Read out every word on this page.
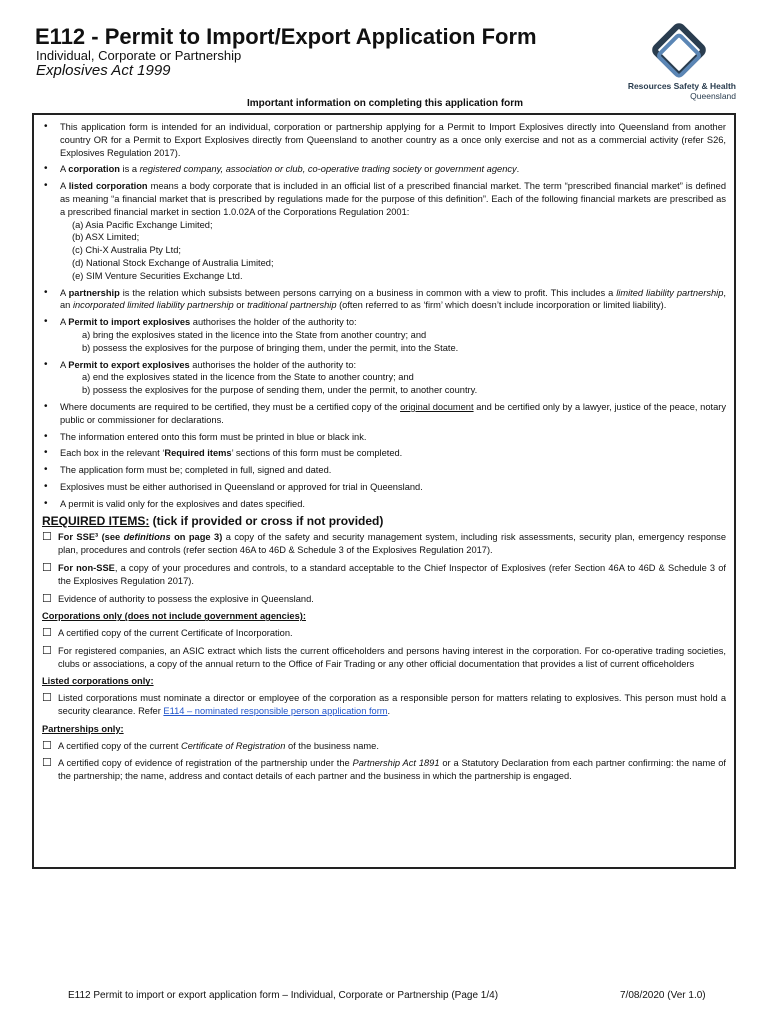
E112 - Permit to Import/Export Application Form
Individual, Corporate or Partnership
Explosives Act 1999
Resources Safety & Health
Queensland
Important information on completing this application form
• This application form is intended for an individual, corporation or partnership applying for a Permit to Import Explosives directly into Queensland from another country OR for a Permit to Export Explosives directly from Queensland to another country as a once only exercise and not as a commercial activity (refer S26, Explosives Regulation 2017).
• A corporation is a registered company, association or club, co-operative trading society or government agency.
• A listed corporation means a body corporate that is included in an official list of a prescribed financial market. The term “prescribed financial market” is defined as meaning “a financial market that is prescribed by regulations made for the purpose of this definition”. Each of the following financial markets are prescribed as a prescribed financial market in section 1.0.02A of the Corporations Regulation 2001:
(a) Asia Pacific Exchange Limited;
(b) ASX Limited;
(c) Chi-X Australia Pty Ltd;
(d) National Stock Exchange of Australia Limited;
(e) SIM Venture Securities Exchange Ltd.
• A partnership is the relation which subsists between persons carrying on a business in common with a view to profit. This includes a limited liability partnership, an incorporated limited liability partnership or traditional partnership (often referred to as ‘firm’ which doesn’t include incorporation or limited liability).
• A Permit to import explosives authorises the holder of the authority to:
a) bring the explosives stated in the licence into the State from another country; and
b) possess the explosives for the purpose of bringing them, under the permit, into the State.
• A Permit to export explosives authorises the holder of the authority to:
a) end the explosives stated in the licence from the State to another country; and
b) possess the explosives for the purpose of sending them, under the permit, to another country.
• Where documents are required to be certified, they must be a certified copy of the original document and be certified only by a lawyer, justice of the peace, notary public or commissioner for declarations.
• The information entered onto this form must be printed in blue or black ink.
• Each box in the relevant ‘Required items’ sections of this form must be completed.
• The application form must be; completed in full, signed and dated.
• Explosives must be either authorised in Queensland or approved for trial in Queensland.
• A permit is valid only for the explosives and dates specified.
REQUIRED ITEMS: (tick if provided or cross if not provided)
☐ For SSE³ (see definitions on page 3) a copy of the safety and security management system, including risk assessments, security plan, emergency response plan, procedures and controls (refer section 46A to 46D & Schedule 3 of the Explosives Regulation 2017).
☐ For non-SSE, a copy of your procedures and controls, to a standard acceptable to the Chief Inspector of Explosives (refer Section 46A to 46D & Schedule 3 of the Explosives Regulation 2017).
☐ Evidence of authority to possess the explosive in Queensland.
Corporations only (does not include government agencies):
☐ A certified copy of the current Certificate of Incorporation.
☐ For registered companies, an ASIC extract which lists the current officeholders and persons having interest in the corporation. For co-operative trading societies, clubs or associations, a copy of the annual return to the Office of Fair Trading or any other official documentation that provides a list of current officeholders
Listed corporations only:
☐ Listed corporations must nominate a director or employee of the corporation as a responsible person for matters relating to explosives. This person must hold a security clearance. Refer E114 – nominated responsible person application form.
Partnerships only:
☐ A certified copy of the current Certificate of Registration of the business name.
☐ A certified copy of evidence of registration of the partnership under the Partnership Act 1891 or a Statutory Declaration from each partner confirming: the name of the partnership; the name, address and contact details of each partner and the business in which the partnership is engaged.
E112 Permit to import or export application form – Individual, Corporate or Partnership (Page 1/4)	7/08/2020 (Ver 1.0)
